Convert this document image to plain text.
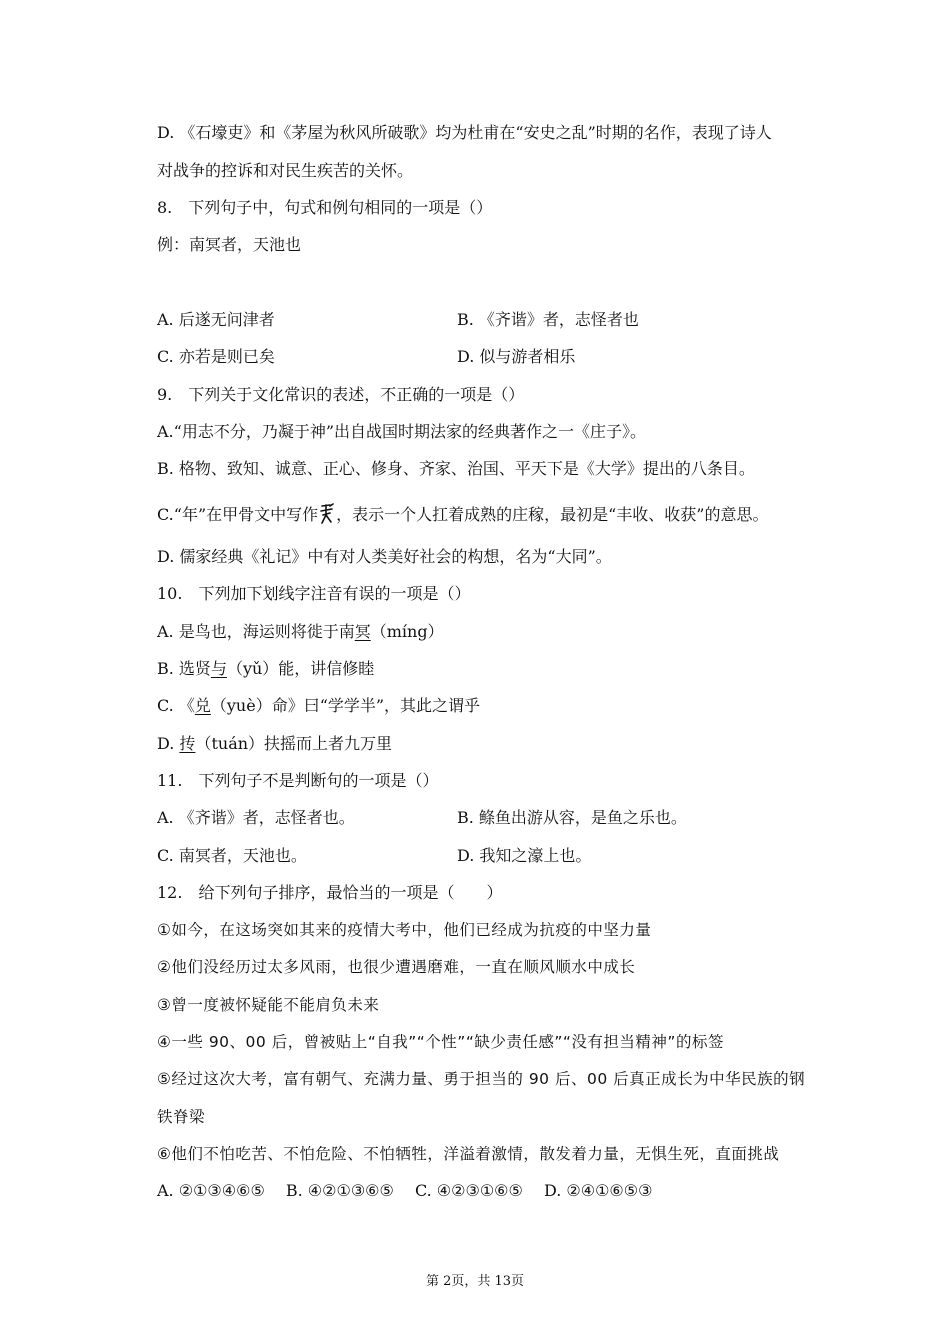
D. 《石壕吏》和《茅屋为秋风所破歌》均为杜甫在“安史之乱”时期的名作，表现了诗人
对战争的控诉和对民生疾苦的关怀。
8.　下列句子中，句式和例句相同的一项是（）
例：南冥者，天池也
A. 后遂无问津者	B. 《齐谐》者，志怪者也
C. 亦若是则已矣	D. 似与游者相乐
9.　下列关于文化常识的表述，不正确的一项是（）
A.“用志不分，乃凝于神”出自战国时期法家的经典著作之一《庄子》。
B. 格物、致知、诚意、正心、修身、齐家、治国、平天下是《大学》提出的八条目。
C.“年”在甲骨文中写作 ，表示一个人扛着成熟的庄稼，最初是“丰收、收获”的意思。
D. 儒家经典《礼记》中有对人类美好社会的构想，名为“大同”。
10.　下列加下划线字注音有误的一项是（）
A. 是鸟也，海运则将徙于南冥（míng）
B. 选贤与（yǔ）能，讲信修睦
C. 《兑（yuè）命》曰“学学半”，其此之谓乎
D. 抟（tuán）扶摇而上者九万里
11.　下列句子不是判断句的一项是（）
A. 《齐谐》者，志怪者也。	B. 鲦鱼出游从容，是鱼之乐也。
C. 南冥者，天池也。	D. 我知之濠上也。
12.　给下列句子排序，最恰当的一项是（　　）
①如今，在这场突如其来的疫情大考中，他们已经成为抗疫的中坚力量
②他们没经历过太多风雨，也很少遭遇磨难，一直在顺风顺水中成长
③曾一度被怀疑能不能肩负未来
④一些 90、00 后，曾被贴上“自我”“个性”“缺少责任感”“没有担当精神”的标签
⑤经过这次大考，富有朝气、充满力量、勇于担当的 90 后、00 后真正成长为中华民族的钢
铁脊梁
⑥他们不怕吃苦、不怕危险、不怕牺牲，洋溢着激情，散发着力量，无惧生死，直面挑战
A. ②①③④⑥⑤　 B. ④②①③⑥⑤　 C. ④②③①⑥⑤　 D. ②④①⑥⑤③
第 2页，共 13页
